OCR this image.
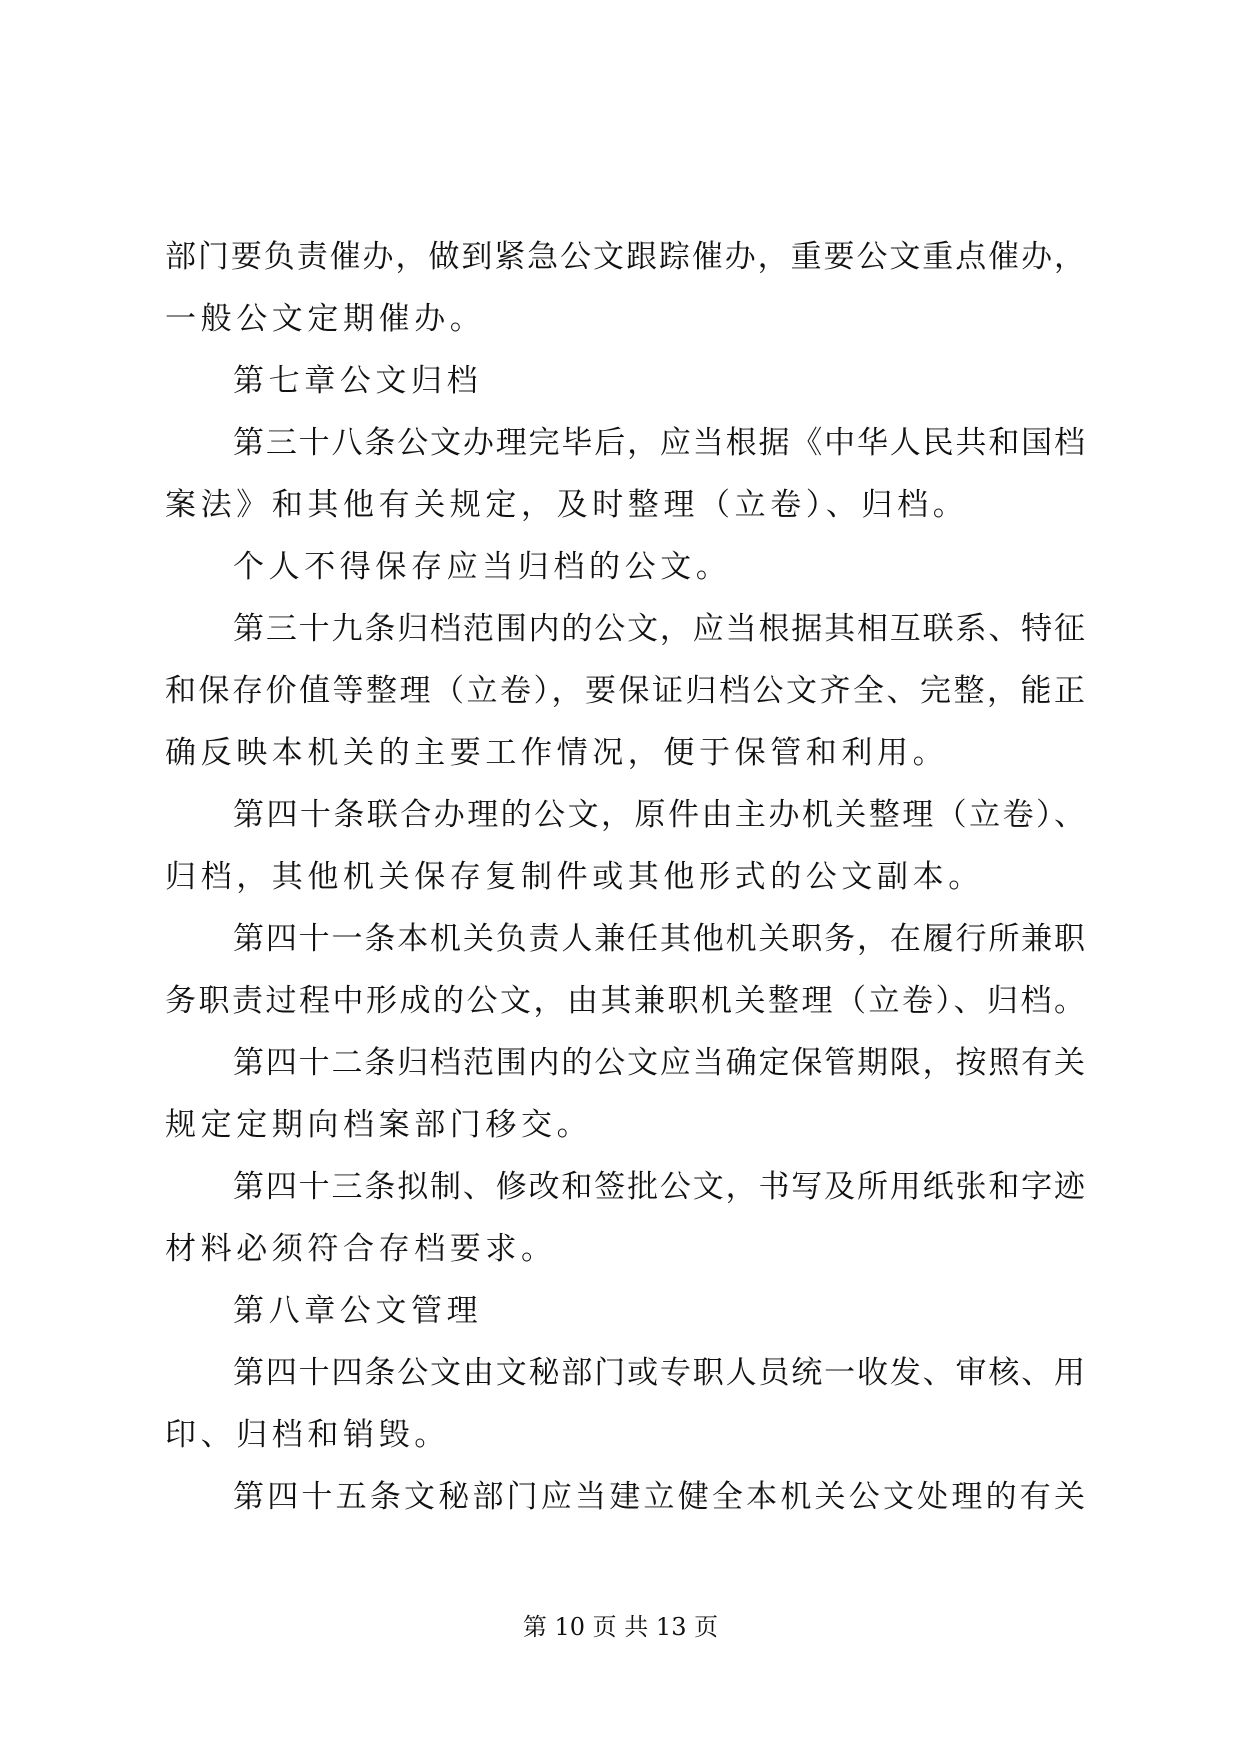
部门要负责催办，做到紧急公文跟踪催办，重要公文重点催办，
一般公文定期催办。
第七章公文归档
第三十八条公文办理完毕后，应当根据《中华人民共和国档
案法》和其他有关规定，及时整理（立卷）、归档。
个人不得保存应当归档的公文。
第三十九条归档范围内的公文，应当根据其相互联系、特征
和保存价值等整理（立卷），要保证归档公文齐全、完整，能正
确反映本机关的主要工作情况，便于保管和利用。
第四十条联合办理的公文，原件由主办机关整理（立卷）、
归档，其他机关保存复制件或其他形式的公文副本。
第四十一条本机关负责人兼任其他机关职务，在履行所兼职
务职责过程中形成的公文，由其兼职机关整理（立卷）、归档。
第四十二条归档范围内的公文应当确定保管期限，按照有关
规定定期向档案部门移交。
第四十三条拟制、修改和签批公文，书写及所用纸张和字迹
材料必须符合存档要求。
第八章公文管理
第四十四条公文由文秘部门或专职人员统一收发、审核、用
印、归档和销毁。
第四十五条文秘部门应当建立健全本机关公文处理的有关
第 10 页 共 13 页
